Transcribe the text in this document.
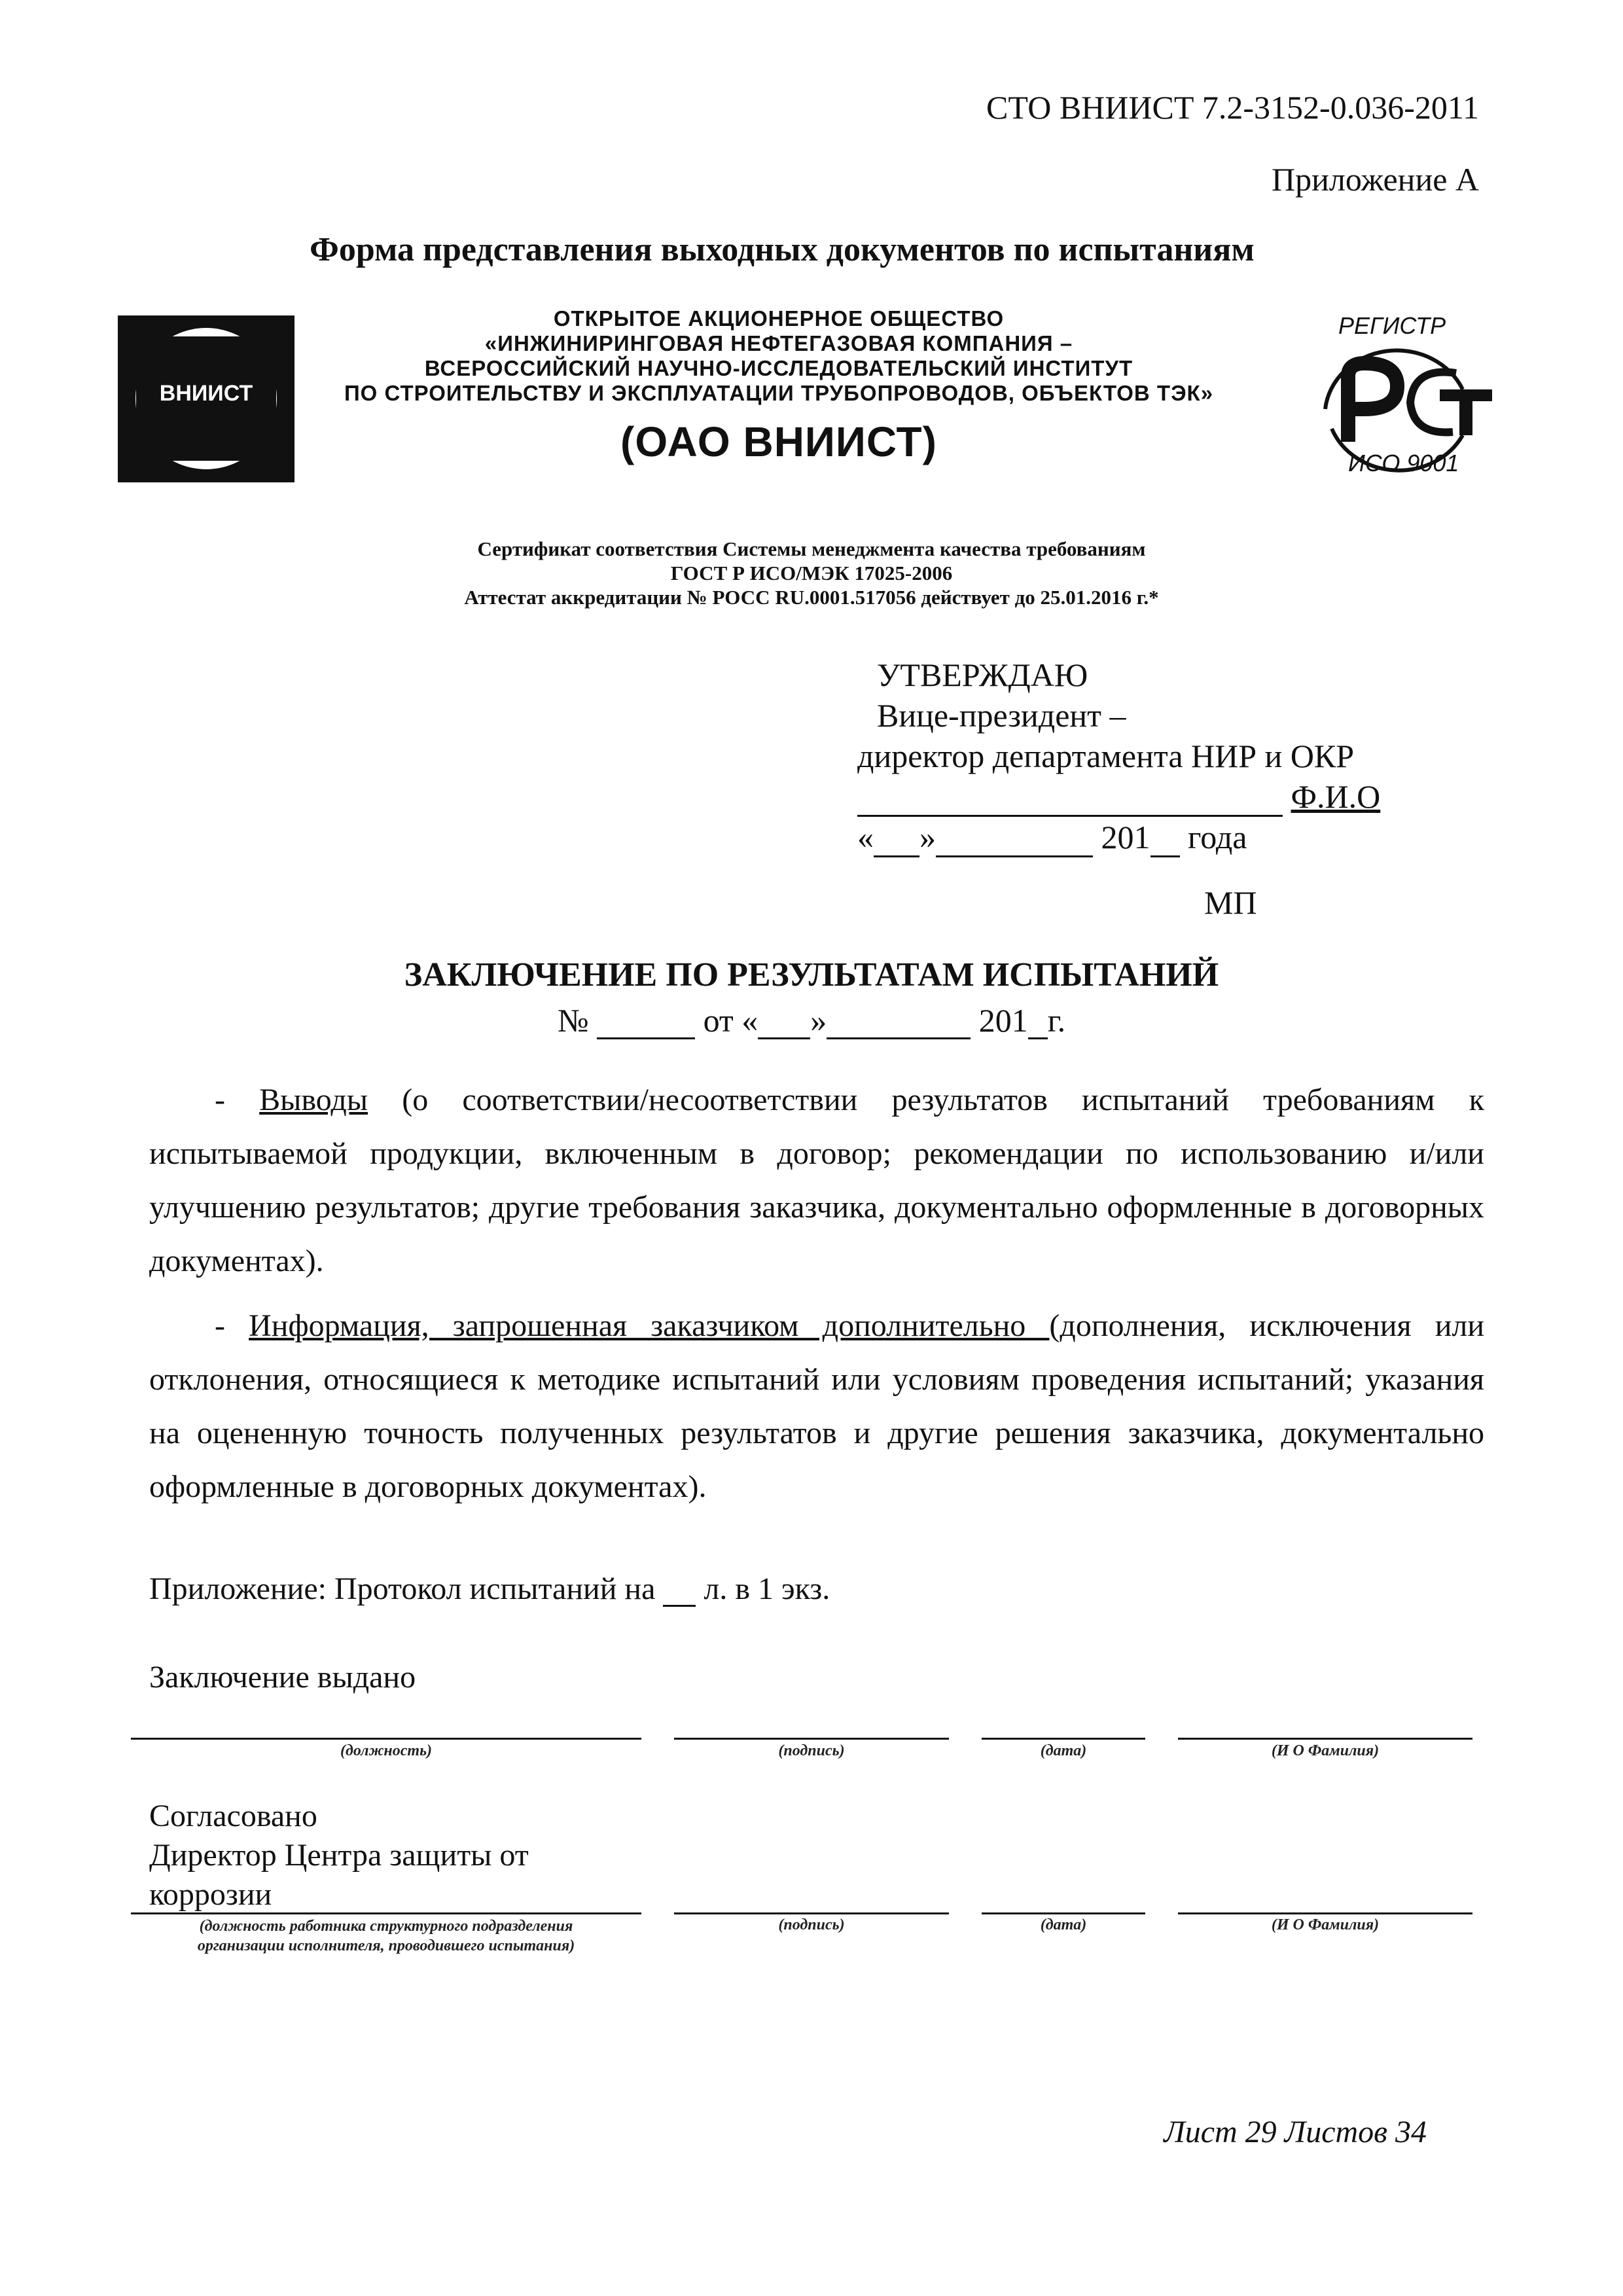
СТО ВНИИСТ 7.2-3152-0.036-2011
Приложение А
Форма представления выходных документов по испытаниям
ВНИИСТ
ОТКРЫТОЕ АКЦИОНЕРНОЕ ОБЩЕСТВО
«ИНЖИНИРИНГОВАЯ НЕФТЕГАЗОВАЯ КОМПАНИЯ –
ВСЕРОССИЙСКИЙ НАУЧНО-ИССЛЕДОВАТЕЛЬСКИЙ ИНСТИТУТ
ПО СТРОИТЕЛЬСТВУ И ЭКСПЛУАТАЦИИ ТРУБОПРОВОДОВ, ОБЪЕКТОВ ТЭК»
(ОАО ВНИИСТ)
РЕГИСТР
ИСО 9001
Сертификат соответствия Системы менеджмента качества требованиям
ГОСТ Р ИСО/МЭК 17025-2006
Аттестат аккредитации № РОСС RU.0001.517056 действует до 25.01.2016 г.*
УТВЕРЖДАЮ
Вице-президент –
директор департамента НИР и ОКР
Ф.И.О
« »	201 года
МП
ЗАКЛЮЧЕНИЕ ПО РЕЗУЛЬТАТАМ ИСПЫТАНИЙ
№	от « »	201 г.
- Выводы (о соответствии/несоответствии результатов испытаний требованиям к испытываемой продукции, включенным в договор; рекомендации по использованию и/или улучшению результатов; другие требования заказчика, документально оформленные в договорных документах).
- Информация, запрошенная заказчиком дополнительно (дополнения, исключения или отклонения, относящиеся к методике испытаний или условиям проведения испытаний; указания на оцененную точность полученных результатов и другие решения заказчика, документально оформленные в договорных документах).
Приложение: Протокол испытаний на л. в 1 экз.
Заключение выдано
(должность)	(подпись)	(дата)	(И О Фамилия)
Согласовано
Директор Центра защиты от
коррозии
(должность работника структурного подразделения
организации исполнителя, проводившего испытания)
(подпись)	(дата)	(И О Фамилия)
Лист 29 Листов 34
